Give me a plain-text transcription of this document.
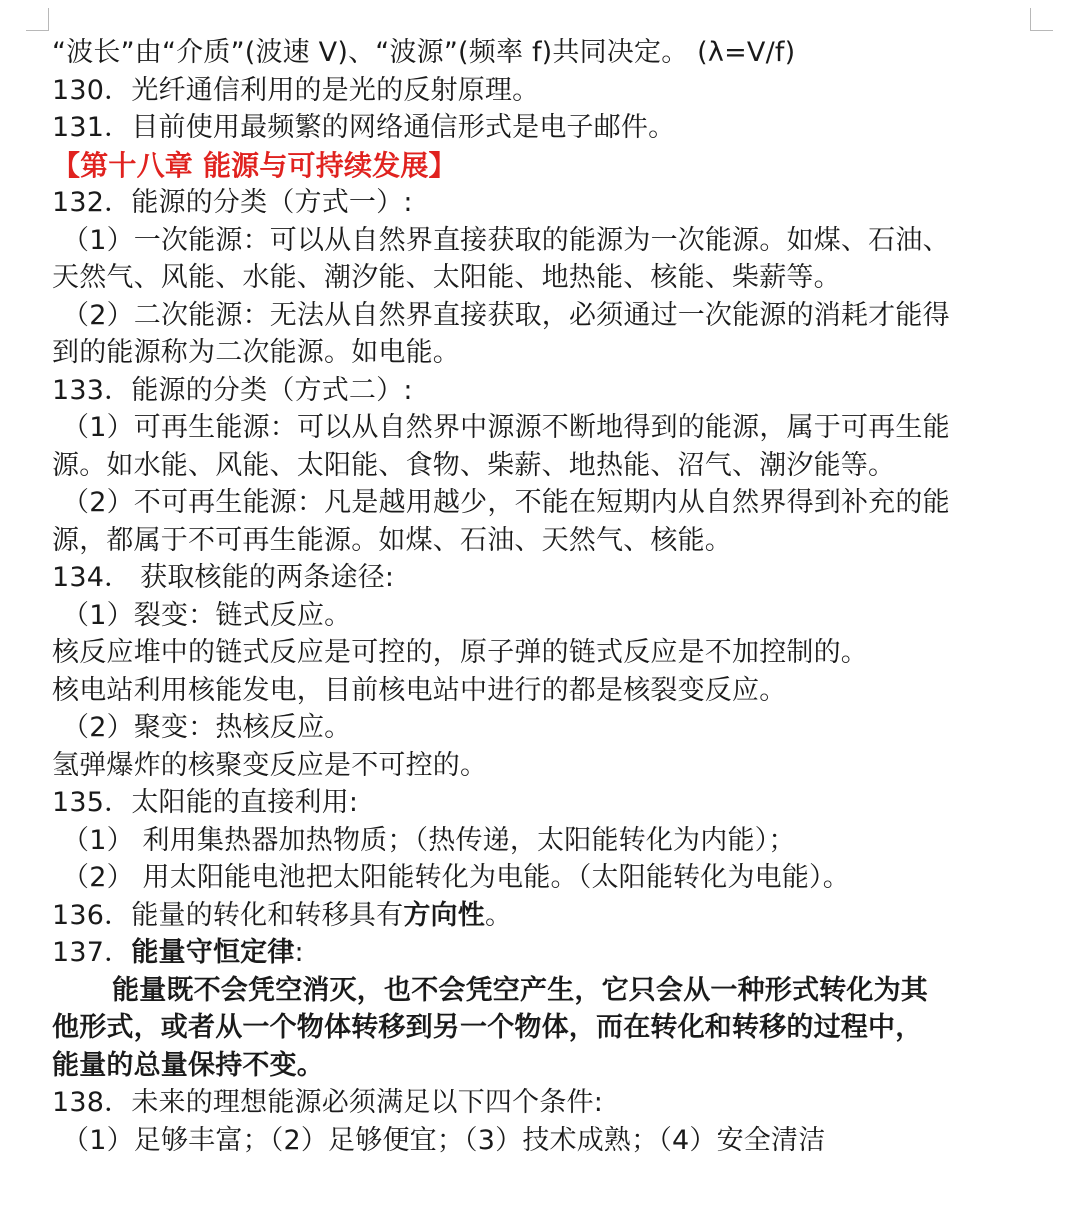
“波长”由“介质”(波速 V)、“波源”(频率 f)共同决定。 (λ=V/f)
130．光纤通信利用的是光的反射原理。
131．目前使用最频繁的网络通信形式是电子邮件。
【第十八章 能源与可持续发展】
132．能源的分类（方式一）:
（1）一次能源：可以从自然界直接获取的能源为一次能源。如煤、石油、
天然气、风能、水能、潮汐能、太阳能、地热能、核能、柴薪等。
（2）二次能源：无法从自然界直接获取，必须通过一次能源的消耗才能得
到的能源称为二次能源。如电能。
133．能源的分类（方式二）:
（1）可再生能源：可以从自然界中源源不断地得到的能源，属于可再生能
源。如水能、风能、太阳能、食物、柴薪、地热能、沼气、潮汐能等。
（2）不可再生能源：凡是越用越少，不能在短期内从自然界得到补充的能
源，都属于不可再生能源。如煤、石油、天然气、核能。
134． 获取核能的两条途径:
（1）裂变：链式反应。
核反应堆中的链式反应是可控的，原子弹的链式反应是不加控制的。
核电站利用核能发电，目前核电站中进行的都是核裂变反应。
（2）聚变：热核反应。
氢弹爆炸的核聚变反应是不可控的。
135．太阳能的直接利用:
（1） 利用集热器加热物质；（热传递，太阳能转化为内能）；
（2） 用太阳能电池把太阳能转化为电能。（太阳能转化为电能）。
136．能量的转化和转移具有方向性。
137．能量守恒定律:
能量既不会凭空消灭，也不会凭空产生，它只会从一种形式转化为其
他形式，或者从一个物体转移到另一个物体，而在转化和转移的过程中，
能量的总量保持不变。
138．未来的理想能源必须满足以下四个条件:
（1）足够丰富；（2）足够便宜；（3）技术成熟；（4）安全清洁
